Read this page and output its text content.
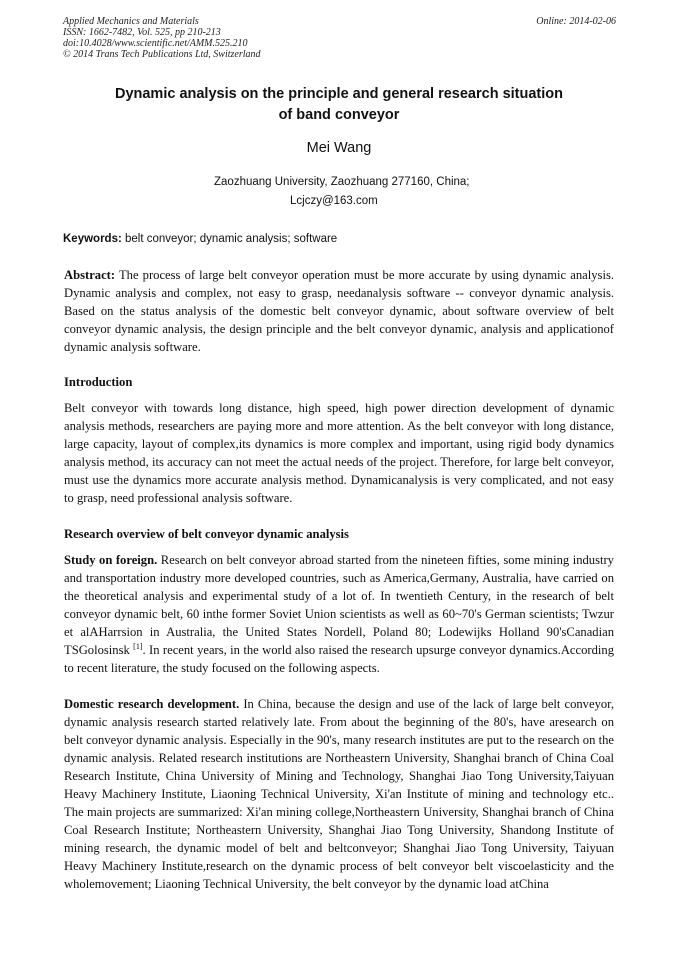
Applied Mechanics and Materials
ISSN: 1662-7482, Vol. 525, pp 210-213
doi:10.4028/www.scientific.net/AMM.525.210
© 2014 Trans Tech Publications Ltd, Switzerland
Online: 2014-02-06
Dynamic analysis on the principle and general research situation
of band conveyor
Mei Wang
Zaozhuang University, Zaozhuang 277160, China;
Lcjczy@163.com
Keywords: belt conveyor; dynamic analysis; software
Abstract: The process of large belt conveyor operation must be more accurate by using dynamic analysis. Dynamic analysis and complex, not easy to grasp, needanalysis software -- conveyor dynamic analysis. Based on the status analysis of the domestic belt conveyor dynamic, about software overview of belt conveyor dynamic analysis, the design principle and the belt conveyor dynamic, analysis and applicationof dynamic analysis software.
Introduction
Belt conveyor with towards long distance, high speed, high power direction development of dynamic analysis methods, researchers are paying more and more attention. As the belt conveyor with long distance, large capacity, layout of complex,its dynamics is more complex and important, using rigid body dynamics analysis method, its accuracy can not meet the actual needs of the project. Therefore, for large belt conveyor, must use the dynamics more accurate analysis method. Dynamicanalysis is very complicated, and not easy to grasp, need professional analysis software.
Research overview of belt conveyor dynamic analysis
Study on foreign. Research on belt conveyor abroad started from the nineteen fifties, some mining industry and transportation industry more developed countries, such as America,Germany, Australia, have carried on the theoretical analysis and experimental study of a lot of. In twentieth Century, in the research of belt conveyor dynamic belt, 60 inthe former Soviet Union scientists as well as 60~70's German scientists; Twzur et alAHarrsion in Australia, the United States Nordell, Poland 80; Lodewijks Holland 90'sCanadian TSGolosinsk [1]. In recent years, in the world also raised the research upsurge conveyor dynamics.According to recent literature, the study focused on the following aspects.
Domestic research development. In China, because the design and use of the lack of large belt conveyor, dynamic analysis research started relatively late. From about the beginning of the 80's, have aresearch on belt conveyor dynamic analysis. Especially in the 90's, many research institutes are put to the research on the dynamic analysis. Related research institutions are Northeastern University, Shanghai branch of China Coal Research Institute, China University of Mining and Technology, Shanghai Jiao Tong University,Taiyuan Heavy Machinery Institute, Liaoning Technical University, Xi'an Institute of mining and technology etc.. The main projects are summarized: Xi'an mining college,Northeastern University, Shanghai branch of China Coal Research Institute; Northeastern University, Shanghai Jiao Tong University, Shandong Institute of mining research, the dynamic model of belt and beltconveyor; Shanghai Jiao Tong University, Taiyuan Heavy Machinery Institute,research on the dynamic process of belt conveyor belt viscoelasticity and the wholemovement; Liaoning Technical University, the belt conveyor by the dynamic load atChina
